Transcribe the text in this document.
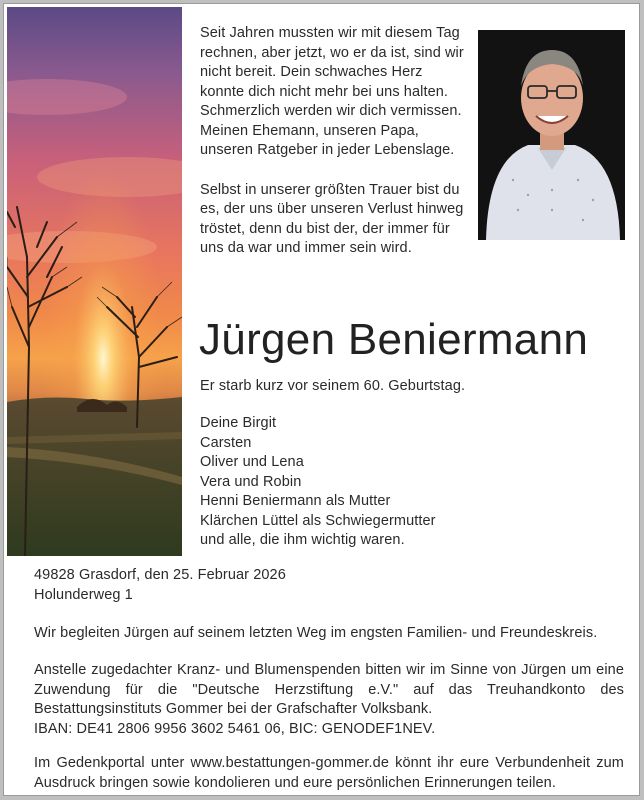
Seit Jahren mussten wir mit diesem Tag rechnen, aber jetzt, wo er da ist, sind wir nicht bereit. Dein schwaches Herz konnte dich nicht mehr bei uns halten. Schmerzlich werden wir dich vermissen. Meinen Ehemann, unseren Papa, unseren Ratgeber in jeder Lebenslage.

Selbst in unserer größten Trauer bist du es, der uns über unseren Verlust hinweg tröstet, denn du bist der, der immer für uns da war und immer sein wird.

Jürgen Beniermann
Er starb kurz vor seinem 60. Geburtstag.
Deine Birgit
Carsten
Oliver und Lena
Vera und Robin
Henni Beniermann als Mutter
Klärchen Lüttel als Schwiegermutter
und alle, die ihm wichtig waren.
49828 Grasdorf, den 25. Februar 2026
Holunderweg 1
Wir begleiten Jürgen auf seinem letzten Weg im engsten Familien- und Freundeskreis.
Anstelle zugedachter Kranz- und Blumenspenden bitten wir im Sinne von Jürgen um eine Zuwendung für die "Deutsche Herzstiftung e.V." auf das Treuhandkonto des Bestattungsinstituts Gommer bei der Grafschafter Volksbank.
IBAN: DE41 2806 9956 3602 5461 06, BIC: GENODEF1NEV.
Im Gedenkportal unter www.bestattungen-gommer.de könnt ihr eure Verbundenheit zum Ausdruck bringen sowie kondolieren und eure persönlichen Erinnerungen teilen.
